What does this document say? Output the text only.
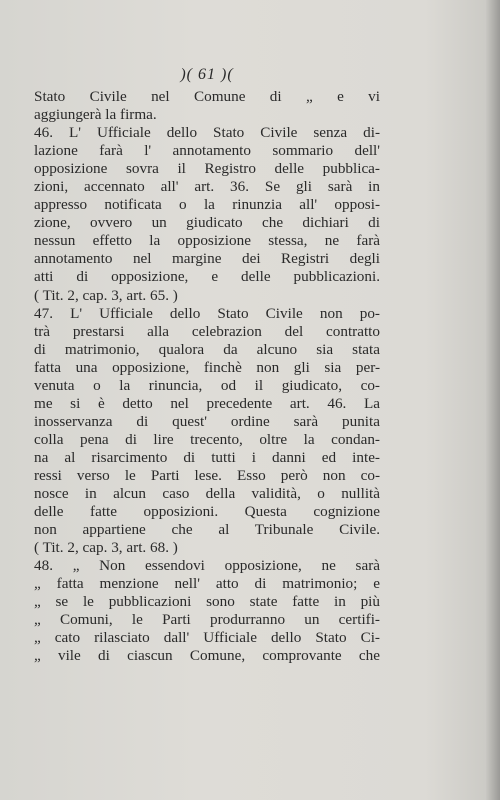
)( 61 )(
Stato Civile nel Comune di „ e vi
aggiungerà la firma.
46. L' Ufficiale dello Stato Civile senza di-
lazione farà l' annotamento sommario dell'
opposizione sovra il Registro delle pubblica-
zioni, accennato all' art. 36. Se gli sarà in
appresso notificata o la rinunzia all' opposi-
zione, ovvero un giudicato che dichiari di
nessun effetto la opposizione stessa, ne farà
annotamento nel margine dei Registri degli
atti di opposizione, e delle pubblicazioni.
( Tit. 2, cap. 3, art. 65. )
47. L' Ufficiale dello Stato Civile non po-
trà prestarsi alla celebrazion del contratto
di matrimonio, qualora da alcuno sia stata
fatta una opposizione, finchè non gli sia per-
venuta o la rinuncia, od il giudicato, co-
me si è detto nel precedente art. 46. La
inosservanza di quest' ordine sarà punita
colla pena di lire trecento, oltre la condan-
na al risarcimento di tutti i danni ed inte-
ressi verso le Parti lese. Esso però non co-
nosce in alcun caso della validità, o nullità
delle fatte opposizioni. Questa cognizione
non appartiene che al Tribunale Civile.
( Tit. 2, cap. 3, art. 68. )
48. „ Non essendovi opposizione, ne sarà
„ fatta menzione nell' atto di matrimonio; e
„ se le pubblicazioni sono state fatte in più
„ Comuni, le Parti produrranno un certifi-
„ cato rilasciato dall' Ufficiale dello Stato Ci-
„ vile di ciascun Comune, comprovante che
